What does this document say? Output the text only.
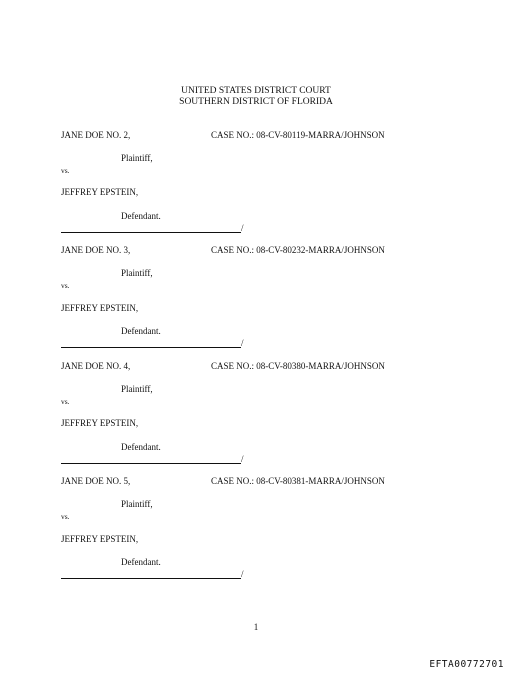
UNITED STATES DISTRICT COURT
SOUTHERN DISTRICT OF FLORIDA
JANE DOE NO. 2,	CASE NO.: 08-CV-80119-MARRA/JOHNSON
Plaintiff,
vs.
JEFFREY EPSTEIN,
Defendant.
/
JANE DOE NO. 3,	CASE NO.: 08-CV-80232-MARRA/JOHNSON
Plaintiff,
vs.
JEFFREY EPSTEIN,
Defendant.
/
JANE DOE NO. 4,	CASE NO.: 08-CV-80380-MARRA/JOHNSON
Plaintiff,
vs.
JEFFREY EPSTEIN,
Defendant.
/
JANE DOE NO. 5,	CASE NO.: 08-CV-80381-MARRA/JOHNSON
Plaintiff,
vs.
JEFFREY EPSTEIN,
Defendant.
/
1
EFTA00772701
